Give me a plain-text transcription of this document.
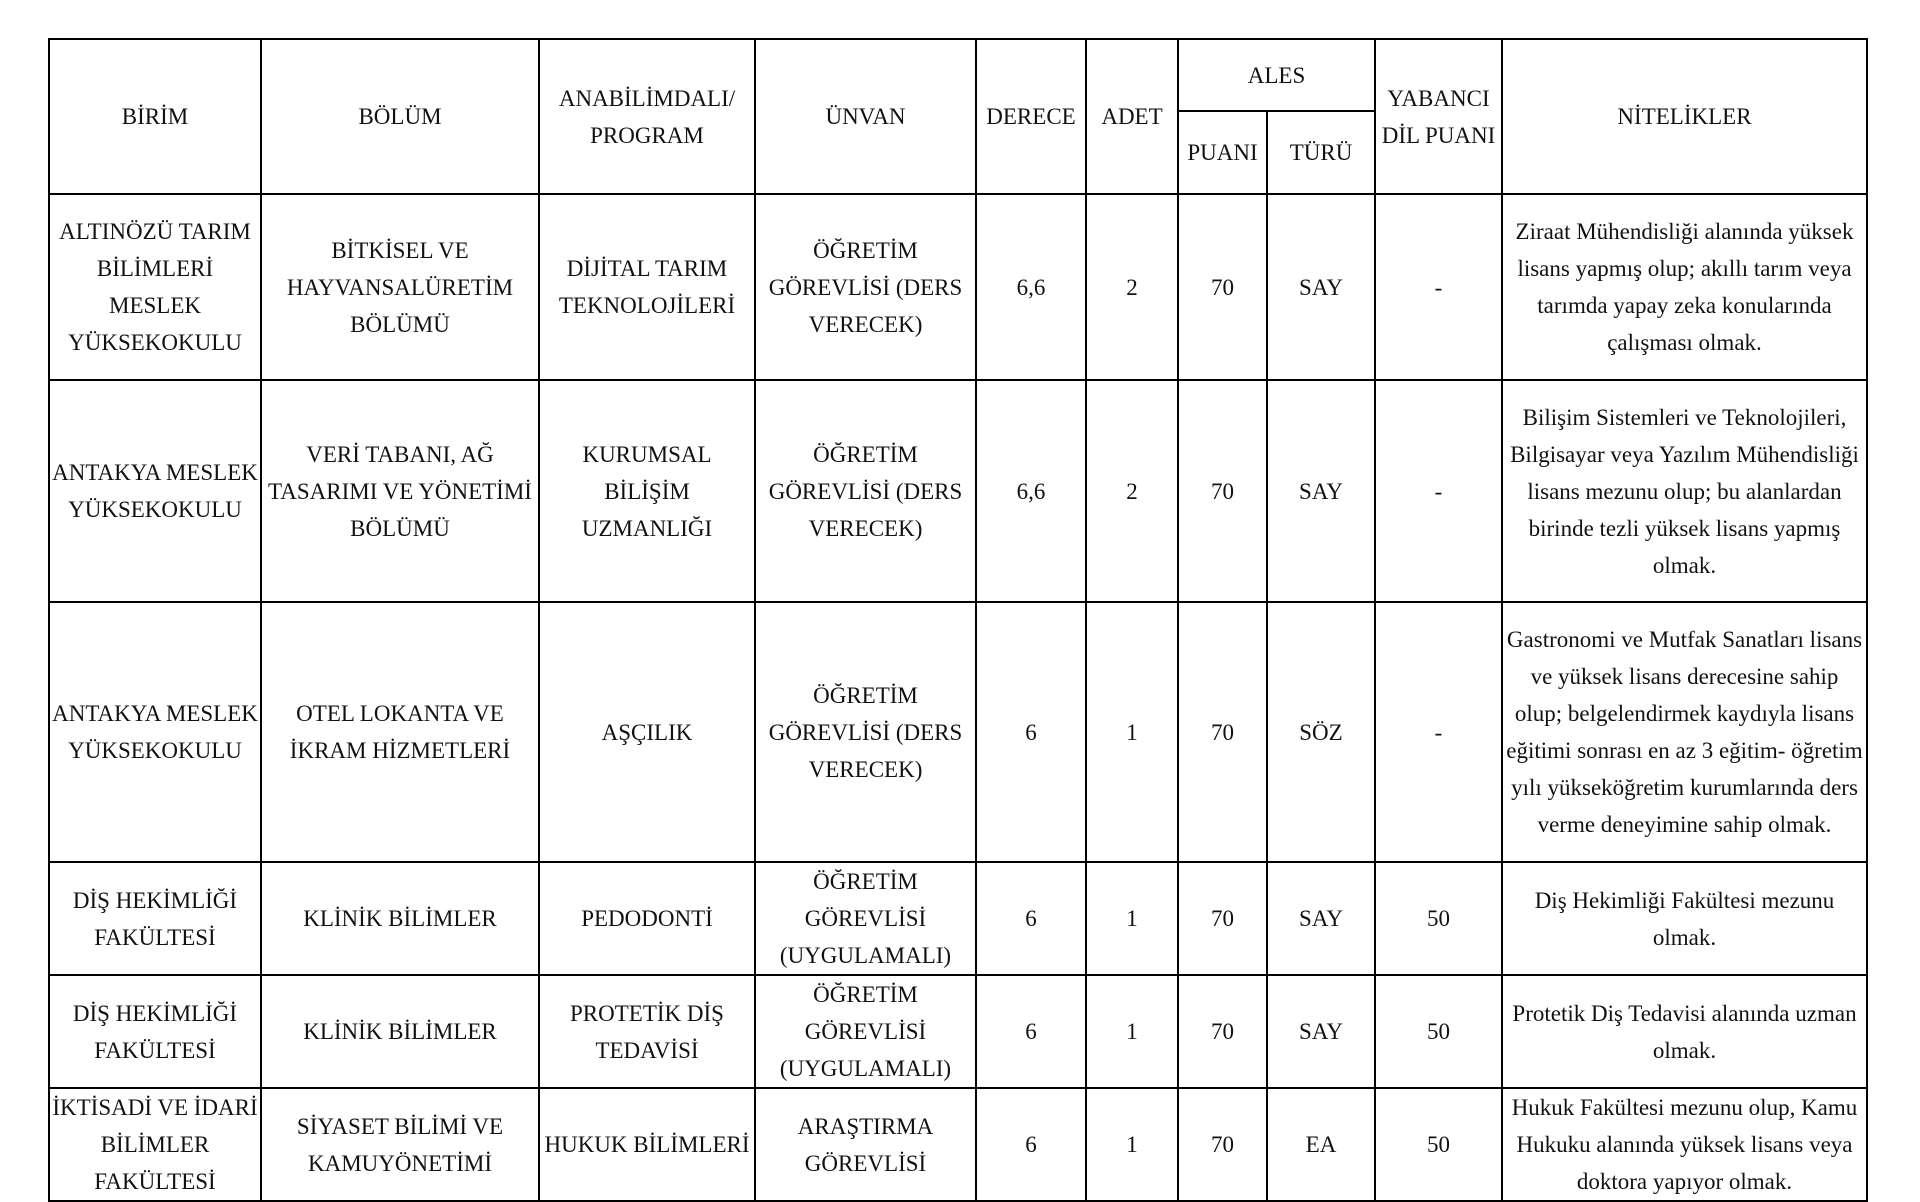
BİRİM	BÖLÜM	ANABİLİMDALI/ PROGRAM	ÜNVAN	DERECE	ADET	ALES		YABANCI DİL PUANI	NİTELİKLER
						PUANI	TÜRÜ		
ALTINÖZÜ TARIM BİLİMLERİ MESLEK YÜKSEKOKULU	BİTKİSEL VE HAYVANSALÜRETİM BÖLÜMÜ	DİJİTAL TARIM TEKNOLOJİLERİ	ÖĞRETİM GÖREVLİSİ (DERS VERECEK)	6,6	2	70	SAY	-	Ziraat Mühendisliği alanında yüksek lisans yapmış olup; akıllı tarım veya tarımda yapay zeka konularında çalışması olmak.
ANTAKYA MESLEK YÜKSEKOKULU	VERİ TABANI, AĞ TASARIMI VE YÖNETİMİ BÖLÜMÜ	KURUMSAL BİLİŞİM UZMANLIĞI	ÖĞRETİM GÖREVLİSİ (DERS VERECEK)	6,6	2	70	SAY	-	Bilişim Sistemleri ve Teknolojileri, Bilgisayar veya Yazılım Mühendisliği lisans mezunu olup; bu alanlardan birinde tezli yüksek lisans yapmış olmak.
ANTAKYA MESLEK YÜKSEKOKULU	OTEL LOKANTA VE İKRAM HİZMETLERİ	AŞÇILIK	ÖĞRETİM GÖREVLİSİ (DERS VERECEK)	6	1	70	SÖZ	-	Gastronomi ve Mutfak Sanatları lisans ve yüksek lisans derecesine sahip olup; belgelendirmek kaydıyla lisans eğitimi sonrası en az 3 eğitim- öğretim yılı yükseköğretim kurumlarında ders verme deneyimine sahip olmak.
DİŞ HEKİMLİĞİ FAKÜLTESİ	KLİNİK BİLİMLER	PEDODONTİ	ÖĞRETİM GÖREVLİSİ (UYGULAMALI)	6	1	70	SAY	50	Diş Hekimliği Fakültesi mezunu olmak.
DİŞ HEKİMLİĞİ FAKÜLTESİ	KLİNİK BİLİMLER	PROTETİK DİŞ TEDAVİSİ	ÖĞRETİM GÖREVLİSİ (UYGULAMALI)	6	1	70	SAY	50	Protetik Diş Tedavisi alanında uzman olmak.
İKTİSADİ VE İDARİ BİLİMLER FAKÜLTESİ	SİYASET BİLİMİ VE KAMUYÖNETİMİ	HUKUK BİLİMLERİ	ARAŞTIRMA GÖREVLİSİ	6	1	70	EA	50	Hukuk Fakültesi mezunu olup, Kamu Hukuku alanında yüksek lisans veya doktora yapıyor olmak.
